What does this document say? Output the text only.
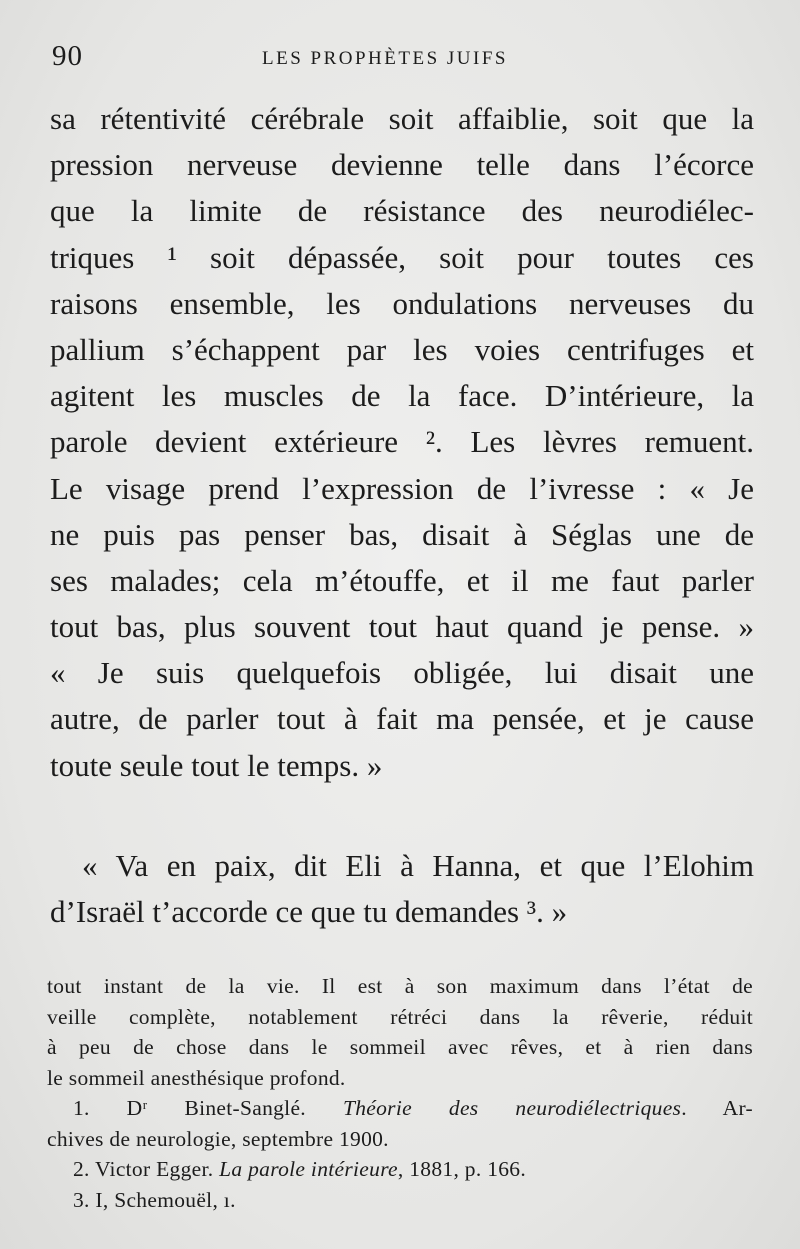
90	LES PROPHÈTES JUIFS
sa rétentivité cérébrale soit affaiblie, soit que la
pression nerveuse devienne telle dans l’écorce
que la limite de résistance des neurodiélec-
triques ¹ soit dépassée, soit pour toutes ces
raisons ensemble, les ondulations nerveuses du
pallium s’échappent par les voies centrifuges et
agitent les muscles de la face. D’intérieure, la
parole devient extérieure ². Les lèvres remuent.
Le visage prend l’expression de l’ivresse : « Je
ne puis pas penser bas, disait à Séglas une de
ses malades; cela m’étouffe, et il me faut parler
tout bas, plus souvent tout haut quand je pense. »
« Je suis quelquefois obligée, lui disait une
autre, de parler tout à fait ma pensée, et je cause
toute seule tout le temps. »
« Va en paix, dit Eli à Hanna, et que l’Elohim
d’Israël t’accorde ce que tu demandes ³. »
tout instant de la vie. Il est à son maximum dans l’état de
veille complète, notablement rétréci dans la rêverie, réduit
à peu de chose dans le sommeil avec rêves, et à rien dans
le sommeil anesthésique profond.
1. Dʳ Binet-Sanglé. Théorie des neurodiélectriques. Ar-
chives de neurologie, septembre 1900.
2. Victor Egger. La parole intérieure, 1881, p. 166.
3. I, Schemouël, ı.
